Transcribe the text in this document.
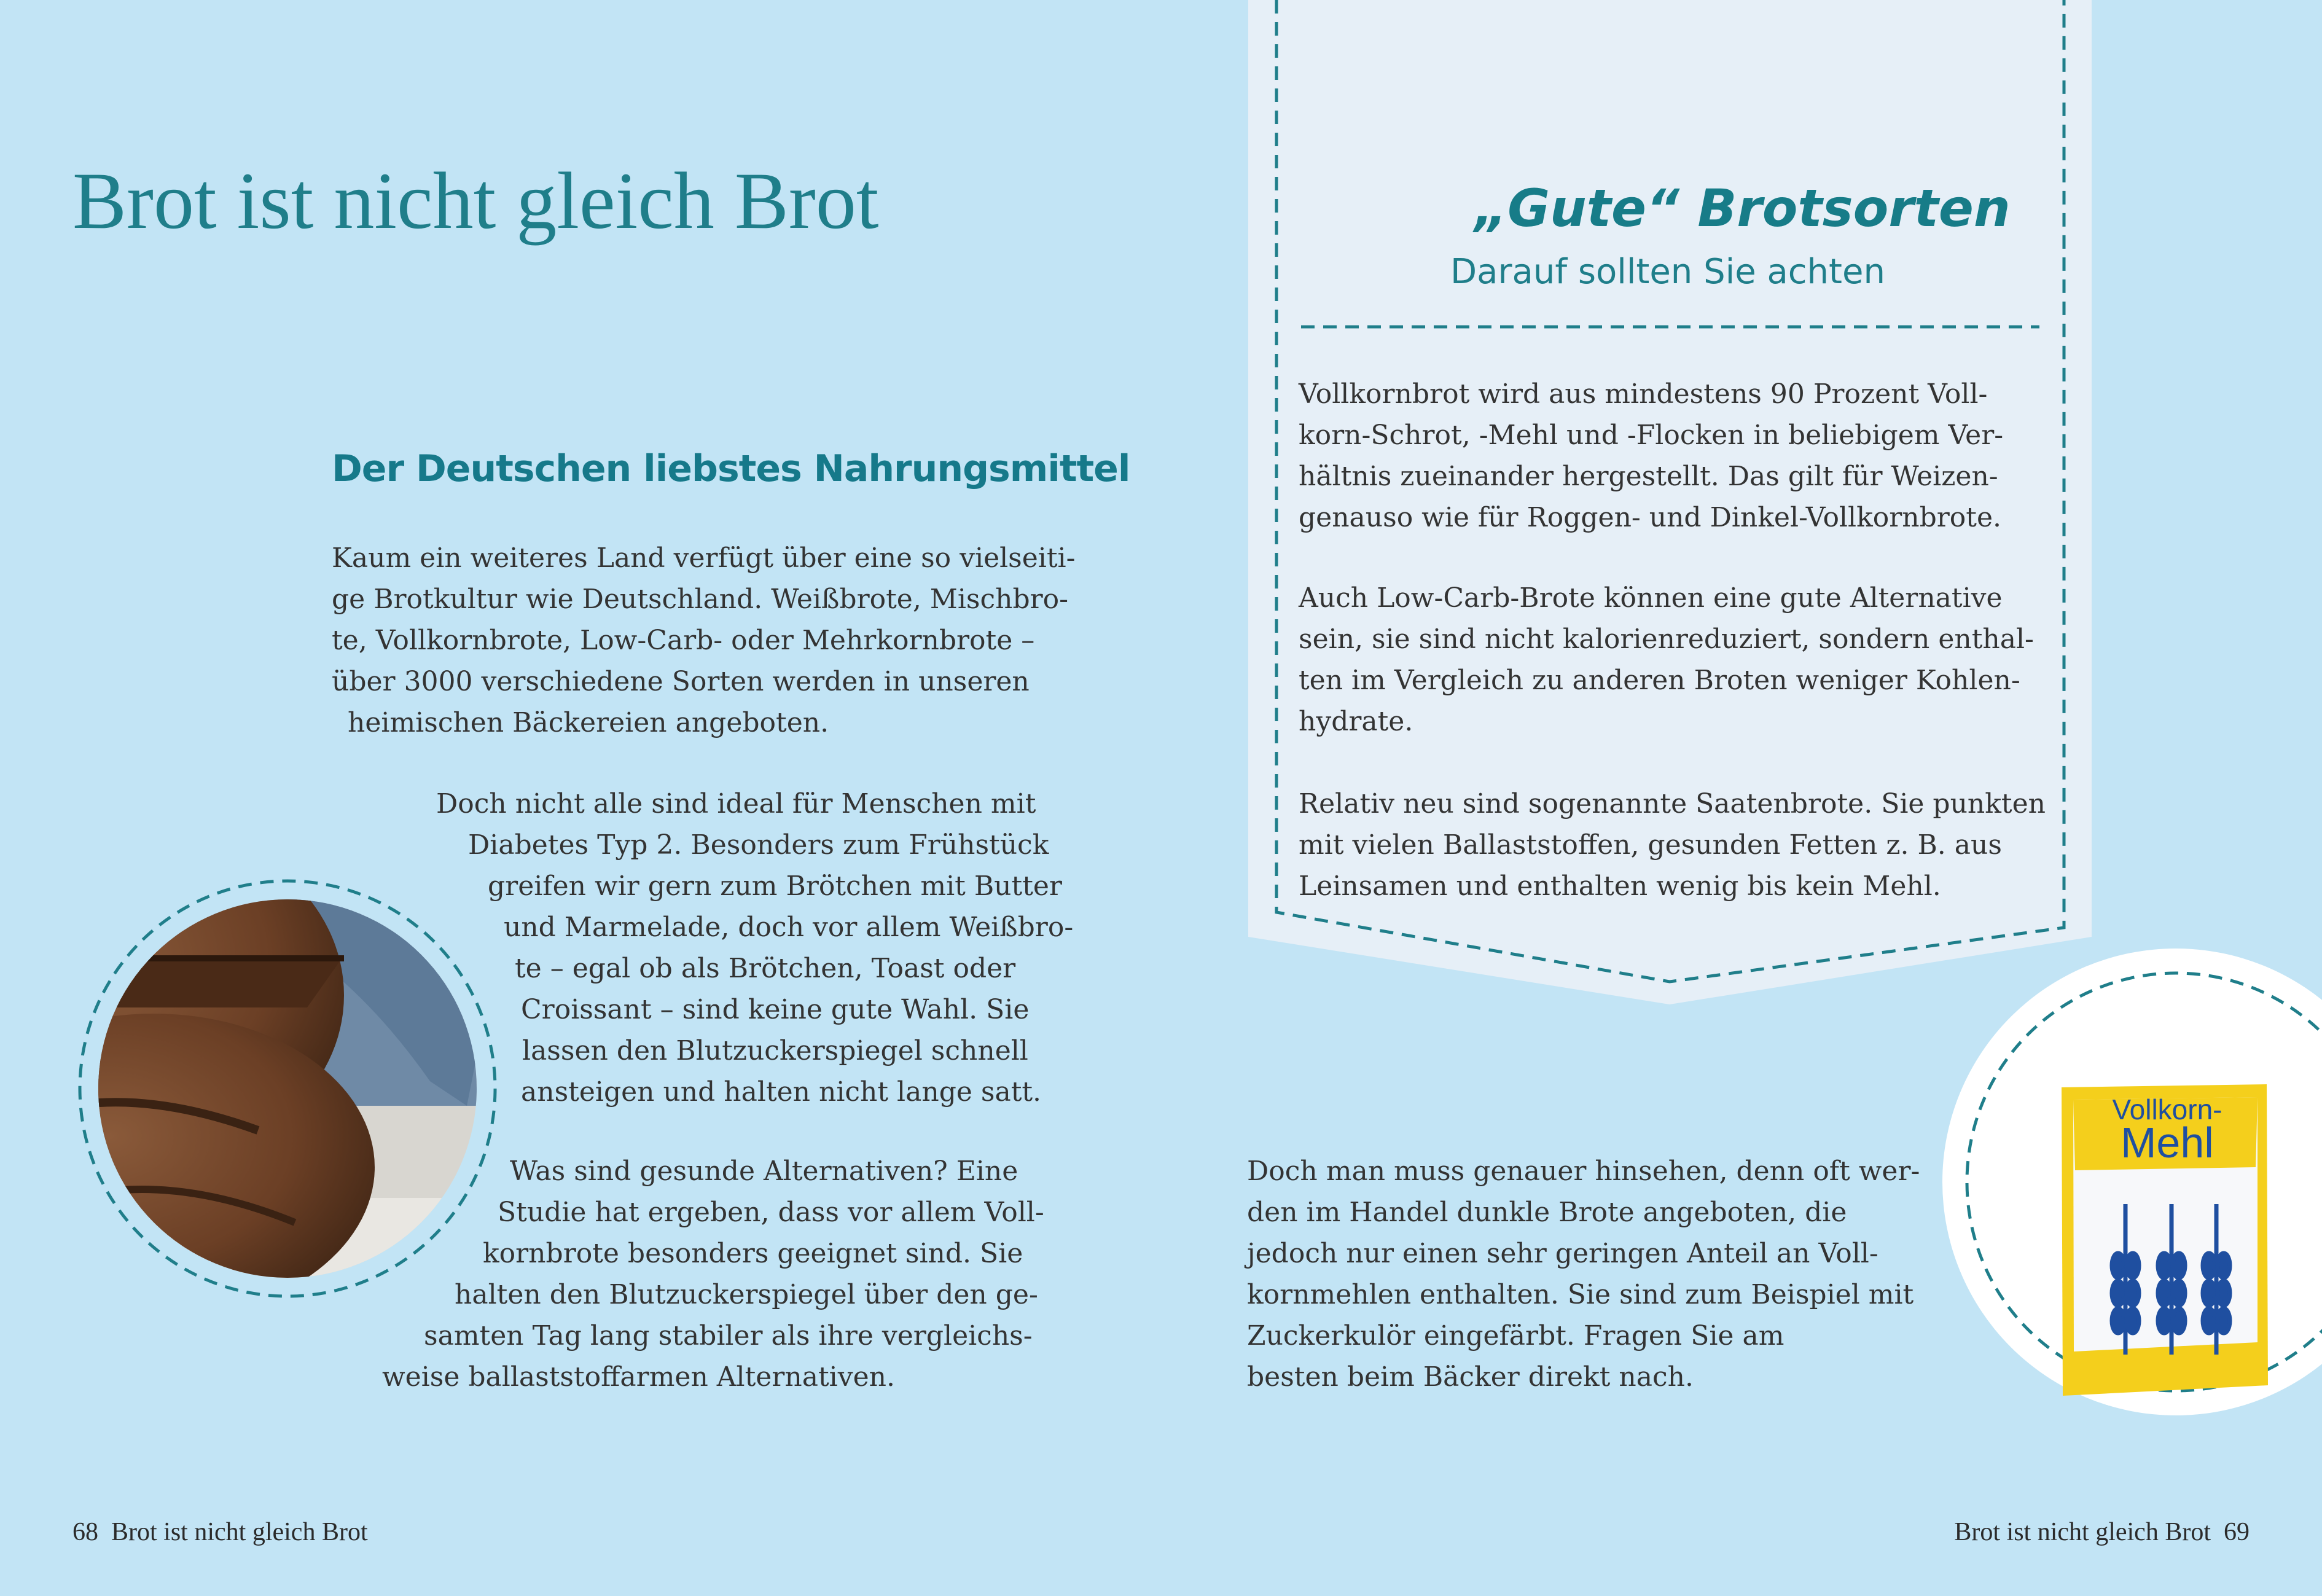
Vollkorn-
Mehl
Brot ist nicht gleich Brot
Der Deutschen liebstes Nahrungsmittel
Kaum ein weiteres Land verfügt über eine so vielseiti-
ge Brotkultur wie Deutschland. Weißbrote, Mischbro-
te, Vollkornbrote, Low-Carb- oder Mehrkornbrote –
über 3000 verschiedene Sorten werden in unseren
heimischen Bäckereien angeboten.
Doch nicht alle sind ideal für Menschen mit
Diabetes Typ 2. Besonders zum Frühstück
greifen wir gern zum Brötchen mit Butter
und Marmelade, doch vor allem Weißbro-
te – egal ob als Brötchen, Toast oder
Croissant – sind keine gute Wahl. Sie
lassen den Blutzuckerspiegel schnell
ansteigen und halten nicht lange satt.
Was sind gesunde Alternativen? Eine
Studie hat ergeben, dass vor allem Voll-
kornbrote besonders geeignet sind. Sie
halten den Blutzuckerspiegel über den ge-
samten Tag lang stabiler als ihre vergleichs-
weise ballaststoffarmen Alternativen.
„Gute“ Brotsorten
Darauf sollten Sie achten
Vollkornbrot wird aus mindestens 90 Prozent Voll-
korn-Schrot, -Mehl und -Flocken in beliebigem Ver-
hältnis zueinander hergestellt. Das gilt für Weizen-
genauso wie für Roggen- und Dinkel-Vollkornbrote.
Auch Low-Carb-Brote können eine gute Alternative
sein, sie sind nicht kalorienreduziert, sondern enthal-
ten im Vergleich zu anderen Broten weniger Kohlen-
hydrate.
Relativ neu sind sogenannte Saatenbrote. Sie punkten
mit vielen Ballaststoffen, gesunden Fetten z. B. aus
Leinsamen und enthalten wenig bis kein Mehl.
Doch man muss genauer hinsehen, denn oft wer-
den im Handel dunkle Brote angeboten, die
jedoch nur einen sehr geringen Anteil an Voll-
kornmehlen enthalten. Sie sind zum Beispiel mit
Zuckerkulör eingefärbt. Fragen Sie am
besten beim Bäcker direkt nach.
68 Brot ist nicht gleich Brot	Brot ist nicht gleich Brot 69
